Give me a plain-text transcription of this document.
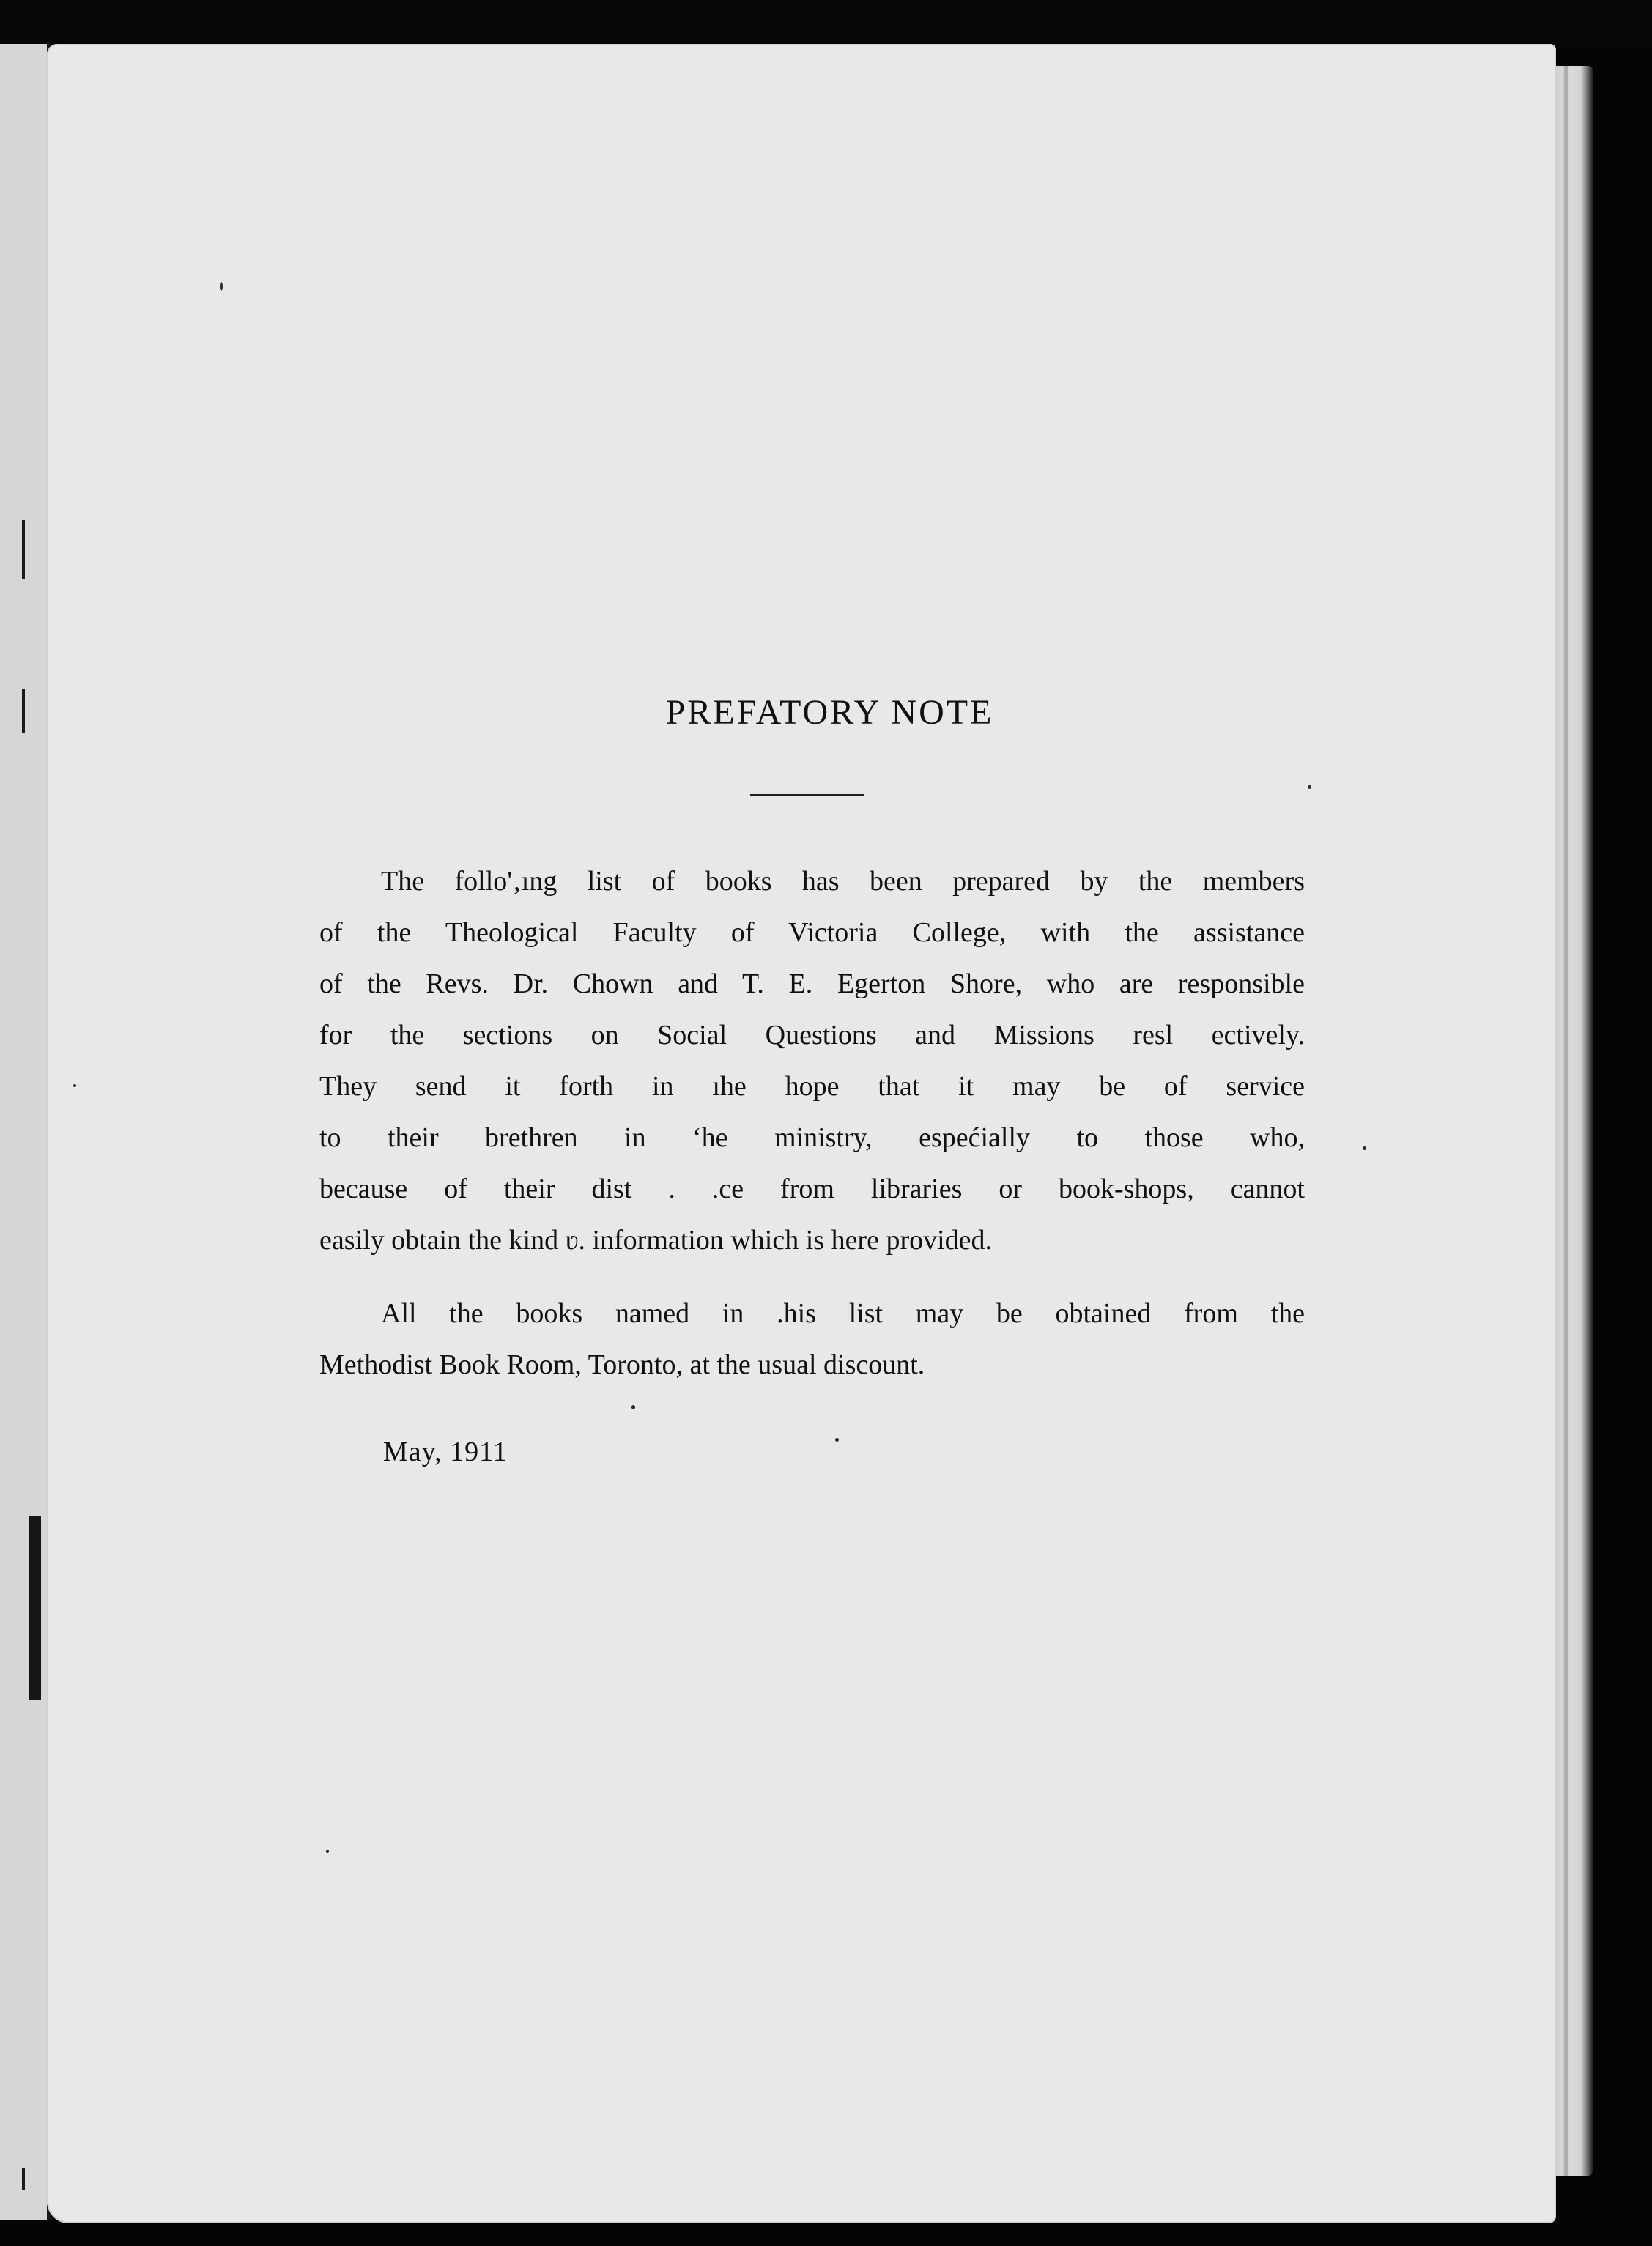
PREFATORY NOTE

The follo'‚ıng list of books has been prepared by the members
of the Theological Faculty of Victoria College, with the assistance
of the Revs. Dr. Chown and T. E. Egerton Shore, who are responsible
for the sections on Social Questions and Missions resl ectively.
They send it forth in ıhe hope that it may be of service
to their brethren in ‘he ministry, espećially to those who,
because of their dist . .ce from libraries or book-shops, cannot
easily obtain the kind ʋ. information which is here provided.

All the books named in .his list may be obtained from the
Methodist Book Room, Toronto, at the usual discount.

May, 1911
